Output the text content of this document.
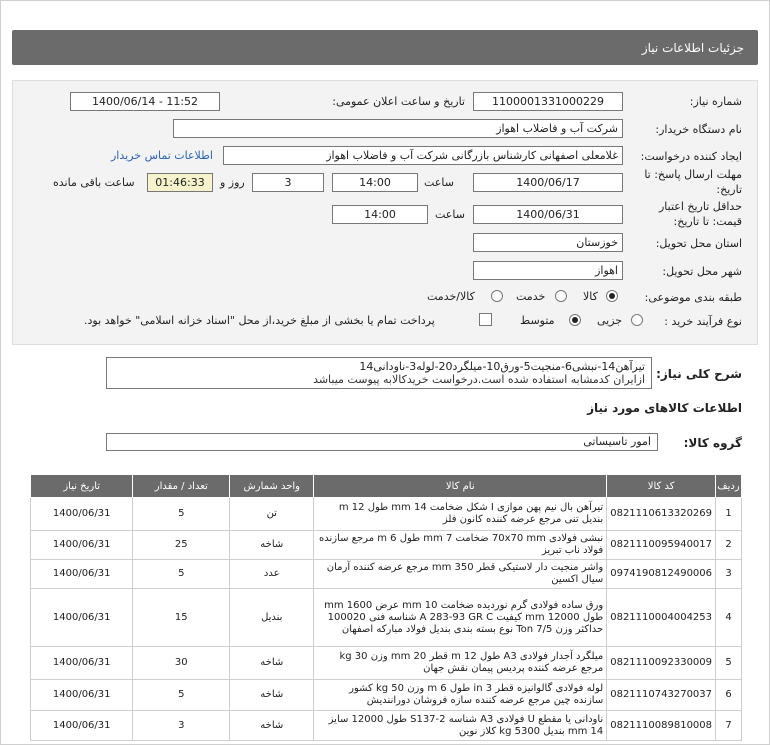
جزئیات اطلاعات نیاز
شماره نیاز:
1100001331000229
تاریخ و ساعت اعلان عمومی:
1400/06/14 - 11:52
نام دستگاه خریدار:
شرکت آب و فاضلاب اهواز
ایجاد کننده درخواست:
غلامعلی اصفهانی کارشناس بازرگانی شرکت آب و فاضلاب اهواز
اطلاعات تماس خریدار
مهلت ارسال پاسخ: تا
تاریخ:
1400/06/17
ساعت
14:00
3
روز و
01:46:33
ساعت باقی مانده
حداقل تاریخ اعتبار
قیمت: تا تاریخ:
1400/06/31
ساعت
14:00
استان محل تحویل:
خوزستان
شهر محل تحویل:
اهواز
طبقه بندی موضوعی:
کالا
خدمت
کالا/خدمت
نوع فرآیند خرید :
جزیی
متوسط
پرداخت تمام یا بخشی از مبلغ خرید،از محل "اسناد خزانه اسلامی" خواهد بود.
شرح کلی نیاز:
تیرآهن14-نبشی6-منجیت5-ورق10-میلگرد20-لوله3-ناودانی14
ازایران کدمشابه استفاده شده است.درخواست خریدکالابه پیوست میباشد
اطلاعات کالاهای مورد نیاز
گروه کالا:
امور تاسیساتی
ردیف	کد کالا	نام کالا	واحد شمارش	تعداد / مقدار	تاریخ نیاز
1	0821110613320269	تیرآهن بال نیم پهن موازی I شکل ضخامت mm 14 طول m 12 بندیل تنی مرجع عرضه کننده کانون فلز	تن	5	1400/06/31
2	0821110095940017	نبشی فولادی 70x70 mm ضخامت mm 7 طول m 6 مرجع سازنده فولاد ناب تبریز	شاخه	25	1400/06/31
3	0974190812490006	واشر منجیت دار لاستیکی قطر mm 350 مرجع عرضه کننده آرمان سیال اکسین	عدد	5	1400/06/31
4	0821110004004253	ورق ساده فولادی گرم نوردیده ضخامت mm 10 عرض mm 1600 طول mm 12000 کیفیت A 283-93 GR C شناسه فنی 100020 حداکثر وزن Ton 7/5 نوع بسته بندی بندیل فولاد مبارکه اصفهان	بندیل	15	1400/06/31
5	0821110092330009	میلگرد آجدار فولادی A3 طول m 12 قطر mm 20 وزن kg 30 مرجع عرضه کننده پردیس پیمان نقش جهان	شاخه	30	1400/06/31
6	0821110743270037	لوله فولادی گالوانیزه قطر in 3 طول m 6 وزن kg 50 کشور سازنده چین مرجع عرضه کننده سازه فروشان دورانندیش	شاخه	5	1400/06/31
7	0821110089810008	ناودانی یا مقطع U فولادی A3 شناسه S137-2 طول 12000 سایز mm 14 بندیل kg 5300 کلاز نوین	شاخه	3	1400/06/31
